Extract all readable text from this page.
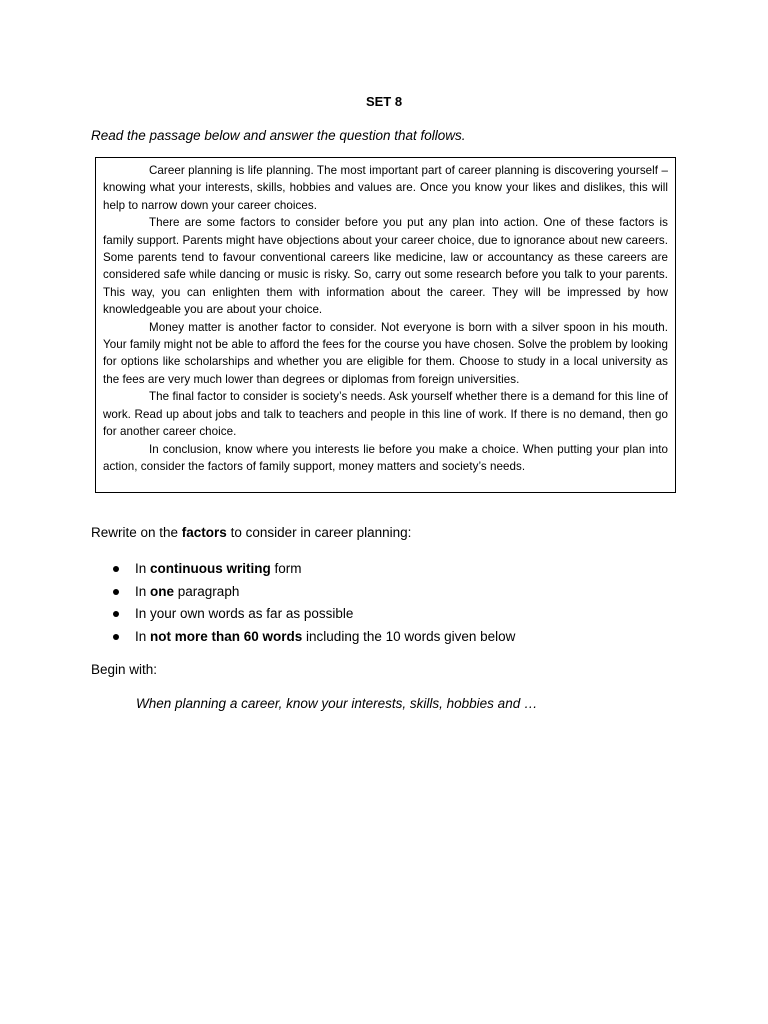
SET 8
Read the passage below and answer the question that follows.

Career planning is life planning. The most important part of career planning is discovering yourself – knowing what your interests, skills, hobbies and values are. Once you know your likes and dislikes, this will help to narrow down your career choices.

There are some factors to consider before you put any plan into action. One of these factors is family support. Parents might have objections about your career choice, due to ignorance about new careers. Some parents tend to favour conventional careers like medicine, law or accountancy as these careers are considered safe while dancing or music is risky. So, carry out some research before you talk to your parents. This way, you can enlighten them with information about the career. They will be impressed by how knowledgeable you are about your choice.

Money matter is another factor to consider. Not everyone is born with a silver spoon in his mouth. Your family might not be able to afford the fees for the course you have chosen. Solve the problem by looking for options like scholarships and whether you are eligible for them. Choose to study in a local university as the fees are very much lower than degrees or diplomas from foreign universities.

The final factor to consider is society’s needs. Ask yourself whether there is a demand for this line of work. Read up about jobs and talk to teachers and people in this line of work. If there is no demand, then go for another career choice.

In conclusion, know where you interests lie before you make a choice. When putting your plan into action, consider the factors of family support, money matters and society’s needs.

Rewrite on the factors to consider in career planning:
In continuous writing form
In one paragraph
In your own words as far as possible
In not more than 60 words including the 10 words given below
Begin with:
When planning a career, know your interests, skills, hobbies and …
